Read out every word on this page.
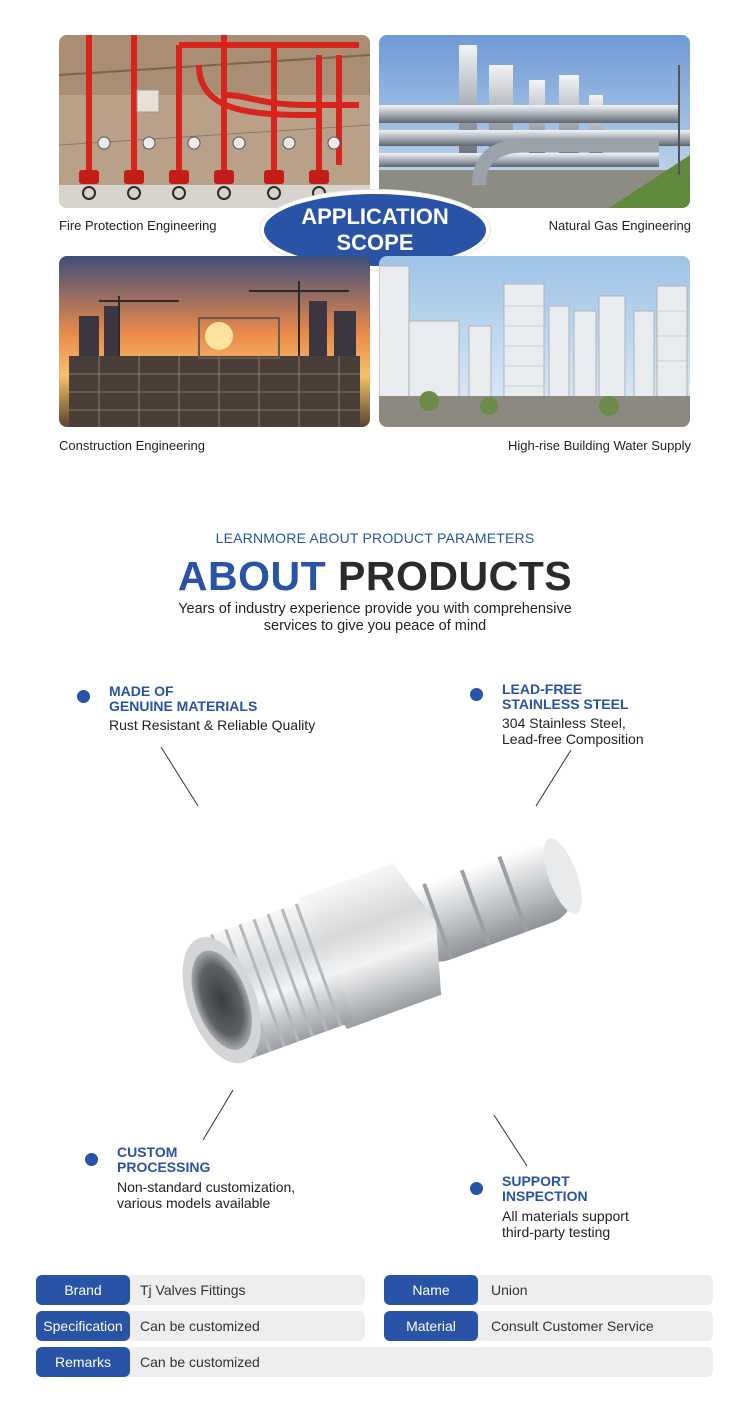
Fire Protection Engineering	Natural Gas Engineering
APPLICATION
SCOPE
Construction Engineering	High-rise Building Water Supply
LEARNMORE ABOUT PRODUCT PARAMETERS
ABOUT PRODUCTS
Years of industry experience provide you with comprehensive
services to give you peace of mind
MADE OF
GENUINE MATERIALS
Rust Resistant & Reliable Quality
LEAD-FREE
STAINLESS STEEL
304 Stainless Steel,
Lead-free Composition
CUSTOM
PROCESSING
Non-standard customization,
various models available
SUPPORT
INSPECTION
All materials support
third-party testing
Brand	Tj Valves Fittings	Name	Union
Specification	Can be customized	Material	Consult Customer Service
Remarks	Can be customized
